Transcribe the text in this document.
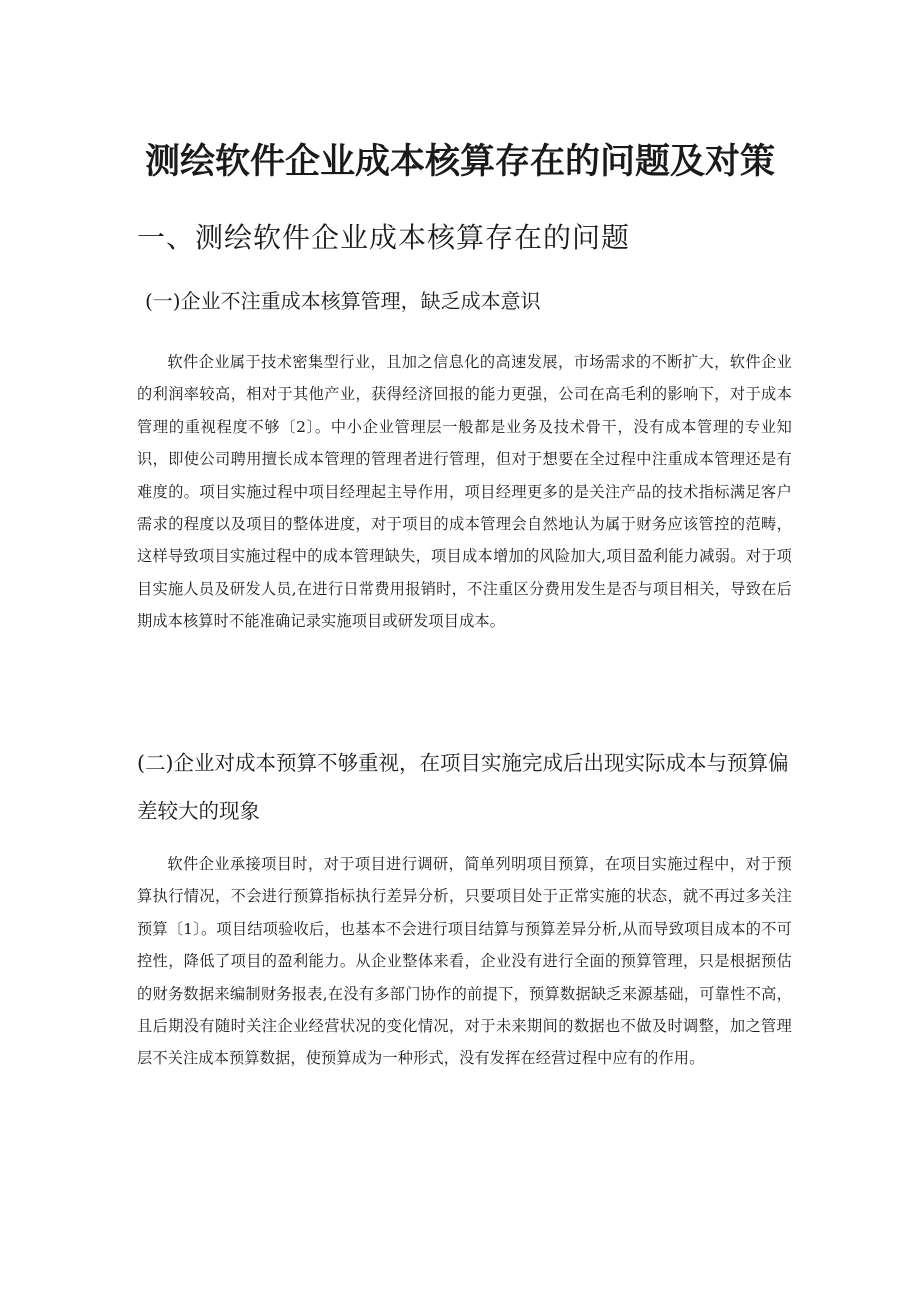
测绘软件企业成本核算存在的问题及对策
一、测绘软件企业成本核算存在的问题
(一)企业不注重成本核算管理，缺乏成本意识

软件企业属于技术密集型行业，且加之信息化的高速发展，市场需求的不断扩大，软件企业的利润率较高，相对于其他产业，获得经济回报的能力更强，公司在高毛利的影响下，对于成本管理的重视程度不够〔2〕。中小企业管理层一般都是业务及技术骨干，没有成本管理的专业知识，即使公司聘用擅长成本管理的管理者进行管理，但对于想要在全过程中注重成本管理还是有难度的。项目实施过程中项目经理起主导作用，项目经理更多的是关注产品的技术指标满足客户需求的程度以及项目的整体进度，对于项目的成本管理会自然地认为属于财务应该管控的范畴，这样导致项目实施过程中的成本管理缺失，项目成本增加的风险加大,项目盈利能力减弱。对于项目实施人员及研发人员,在进行日常费用报销时，不注重区分费用发生是否与项目相关，导致在后期成本核算时不能准确记录实施项目或研发项目成本。

(二)企业对成本预算不够重视，在项目实施完成后出现实际成本与预算偏差较大的现象

软件企业承接项目时，对于项目进行调研，简单列明项目预算，在项目实施过程中，对于预算执行情况，不会进行预算指标执行差异分析，只要项目处于正常实施的状态，就不再过多关注预算〔1〕。项目结项验收后，也基本不会进行项目结算与预算差异分析,从而导致项目成本的不可控性，降低了项目的盈利能力。从企业整体来看，企业没有进行全面的预算管理，只是根据预估的财务数据来编制财务报表,在没有多部门协作的前提下，预算数据缺乏来源基础，可靠性不高，且后期没有随时关注企业经营状况的变化情况，对于未来期间的数据也不做及时调整，加之管理层不关注成本预算数据，使预算成为一种形式，没有发挥在经营过程中应有的作用。
